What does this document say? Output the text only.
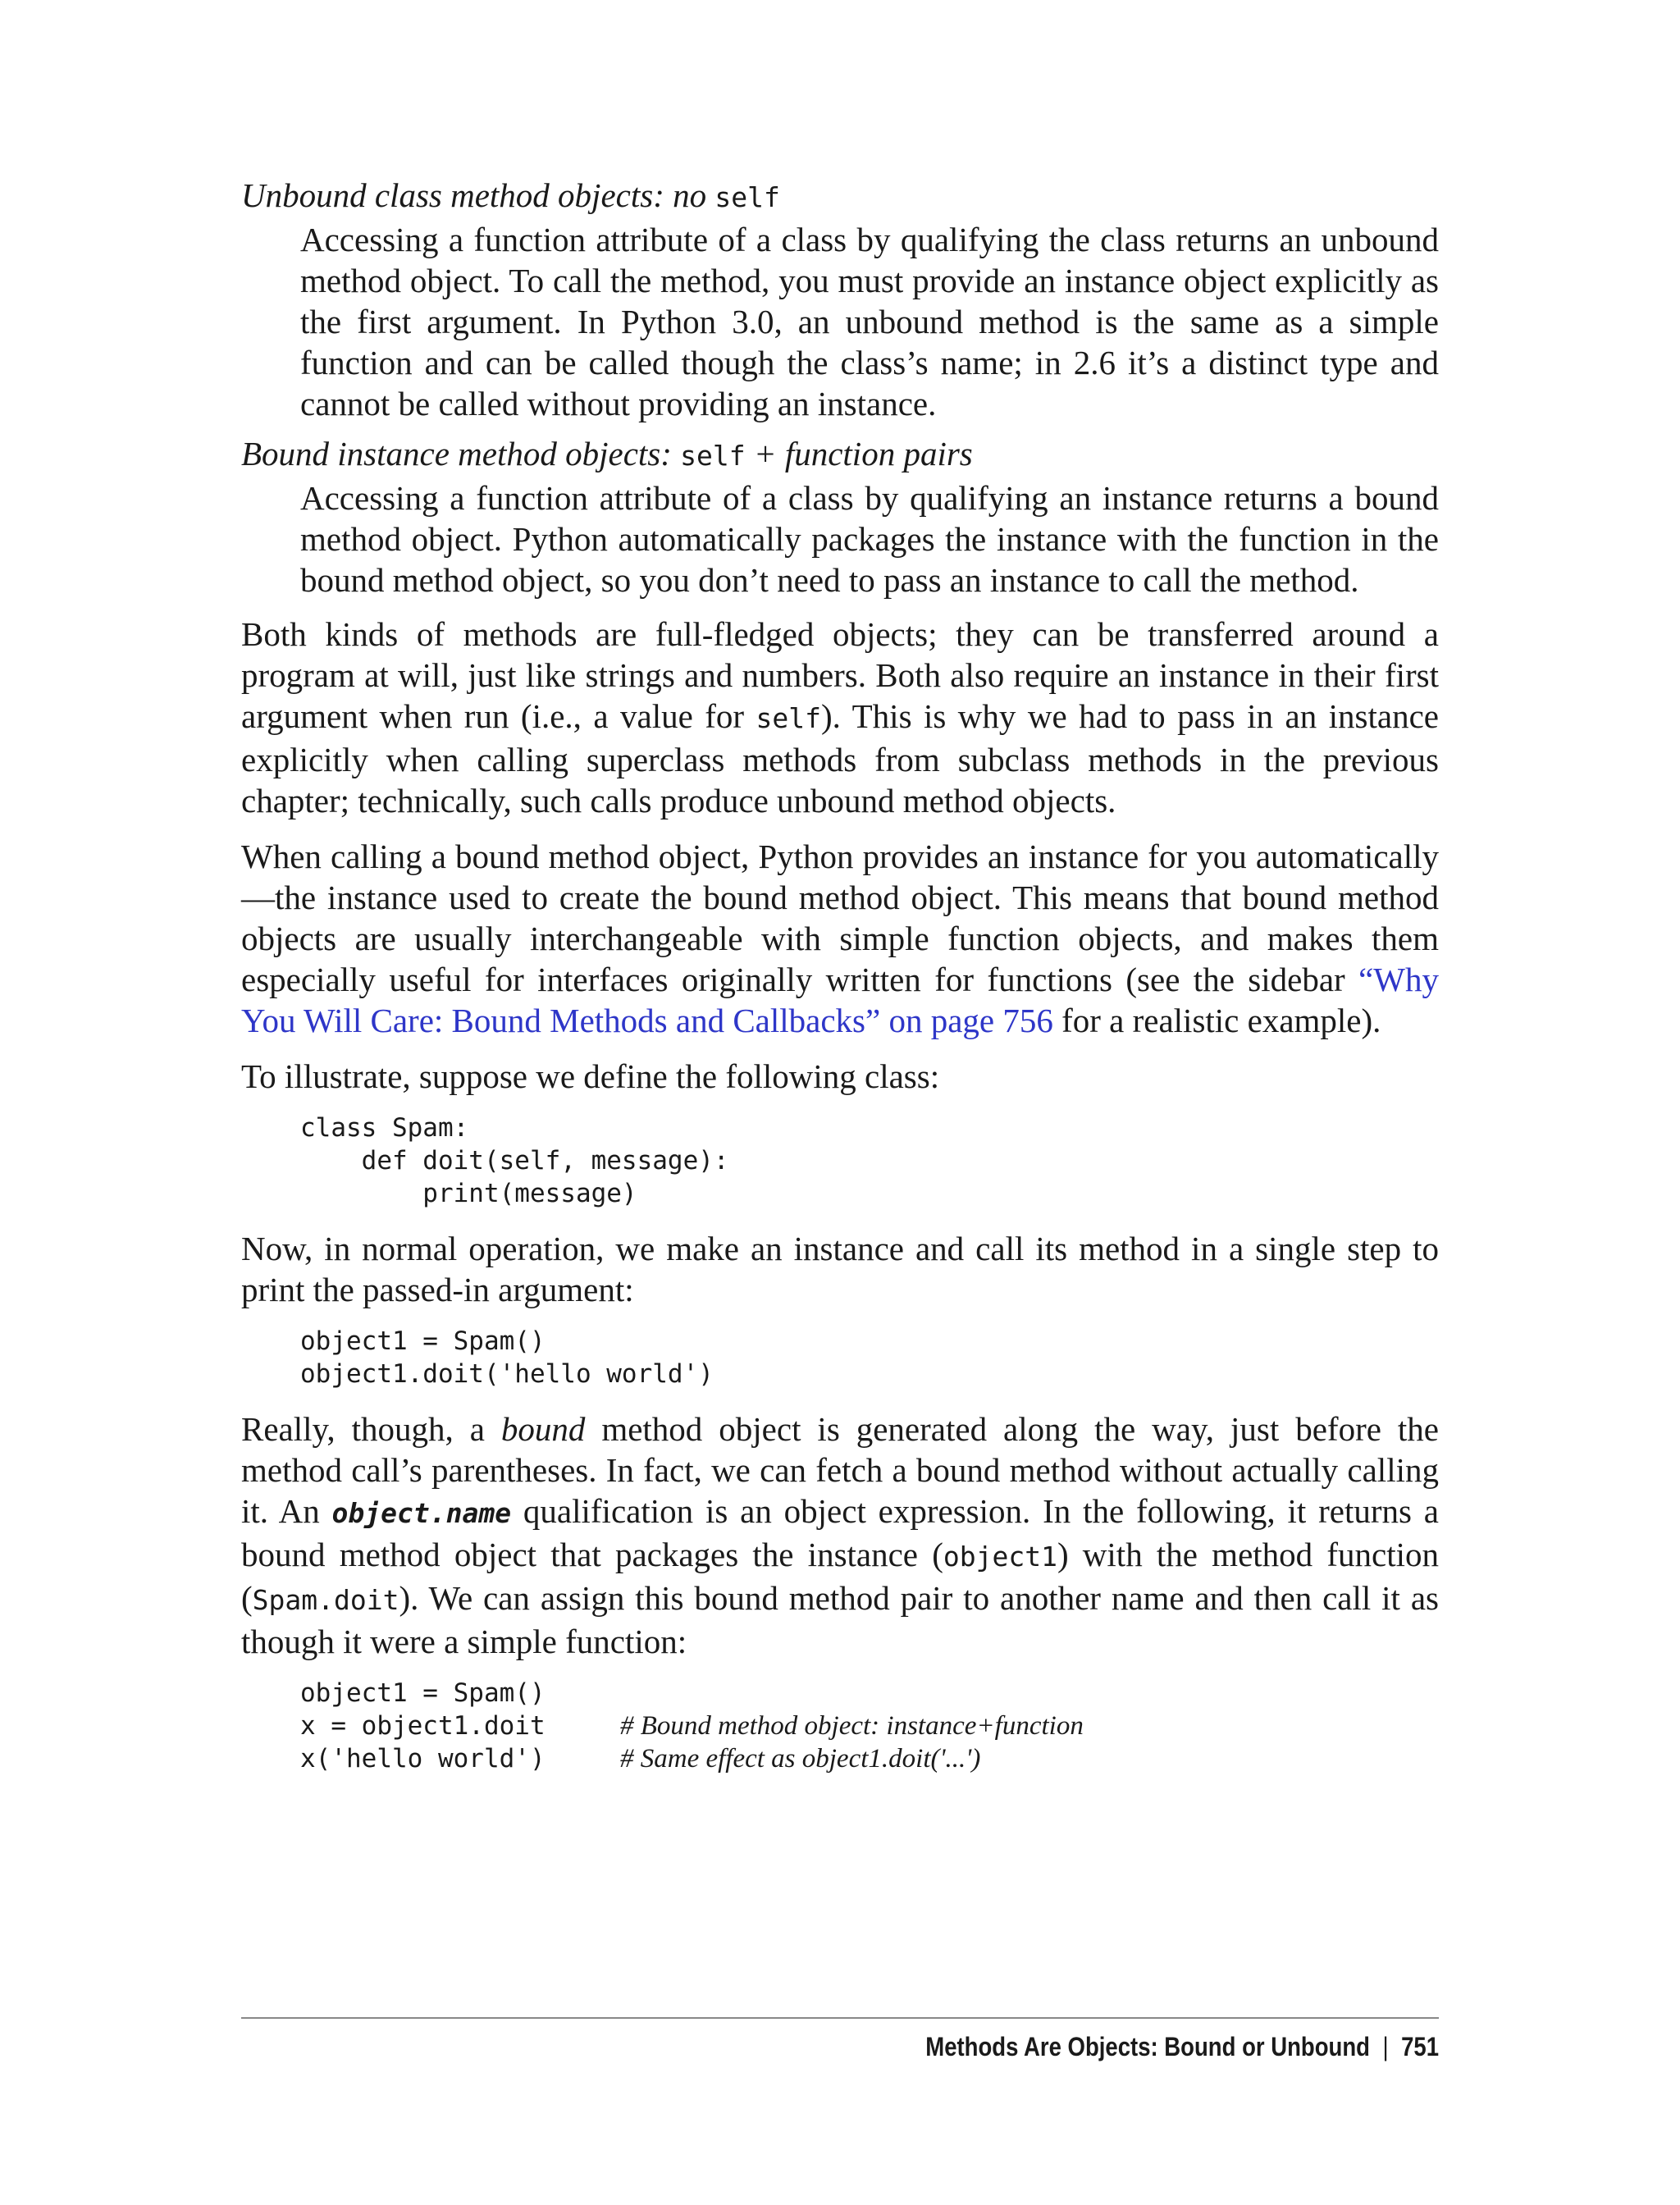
Unbound class method objects: no self

Accessing a function attribute of a class by qualifying the class returns an unbound method object. To call the method, you must provide an instance object explicitly as the first argument. In Python 3.0, an unbound method is the same as a simple function and can be called though the class’s name; in 2.6 it’s a distinct type and cannot be called without providing an instance.

Bound instance method objects: self + function pairs

Accessing a function attribute of a class by qualifying an instance returns a bound method object. Python automatically packages the instance with the function in the bound method object, so you don’t need to pass an instance to call the method.

Both kinds of methods are full-fledged objects; they can be transferred around a program at will, just like strings and numbers. Both also require an instance in their first argument when run (i.e., a value for self). This is why we had to pass in an instance explicitly when calling superclass methods from subclass methods in the previous chapter; technically, such calls produce unbound method objects.

When calling a bound method object, Python provides an instance for you automatically—the instance used to create the bound method object. This means that bound method objects are usually interchangeable with simple function objects, and makes them especially useful for interfaces originally written for functions (see the sidebar “Why You Will Care: Bound Methods and Callbacks” on page 756 for a realistic example).

To illustrate, suppose we define the following class:

class Spam:
def doit(self, message):
print(message)

Now, in normal operation, we make an instance and call its method in a single step to print the passed-in argument:

object1 = Spam()
object1.doit('hello world')

Really, though, a bound method object is generated along the way, just before the method call’s parentheses. In fact, we can fetch a bound method without actually calling it. An object.name qualification is an object expression. In the following, it returns a bound method object that packages the instance (object1) with the method function (Spam.doit). We can assign this bound method pair to another name and then call it as though it were a simple function:

object1 = Spam()
x = object1.doit	# Bound method object: instance+function
x('hello world')	# Same effect as object1.doit('...')
Methods Are Objects: Bound or Unbound | 751
